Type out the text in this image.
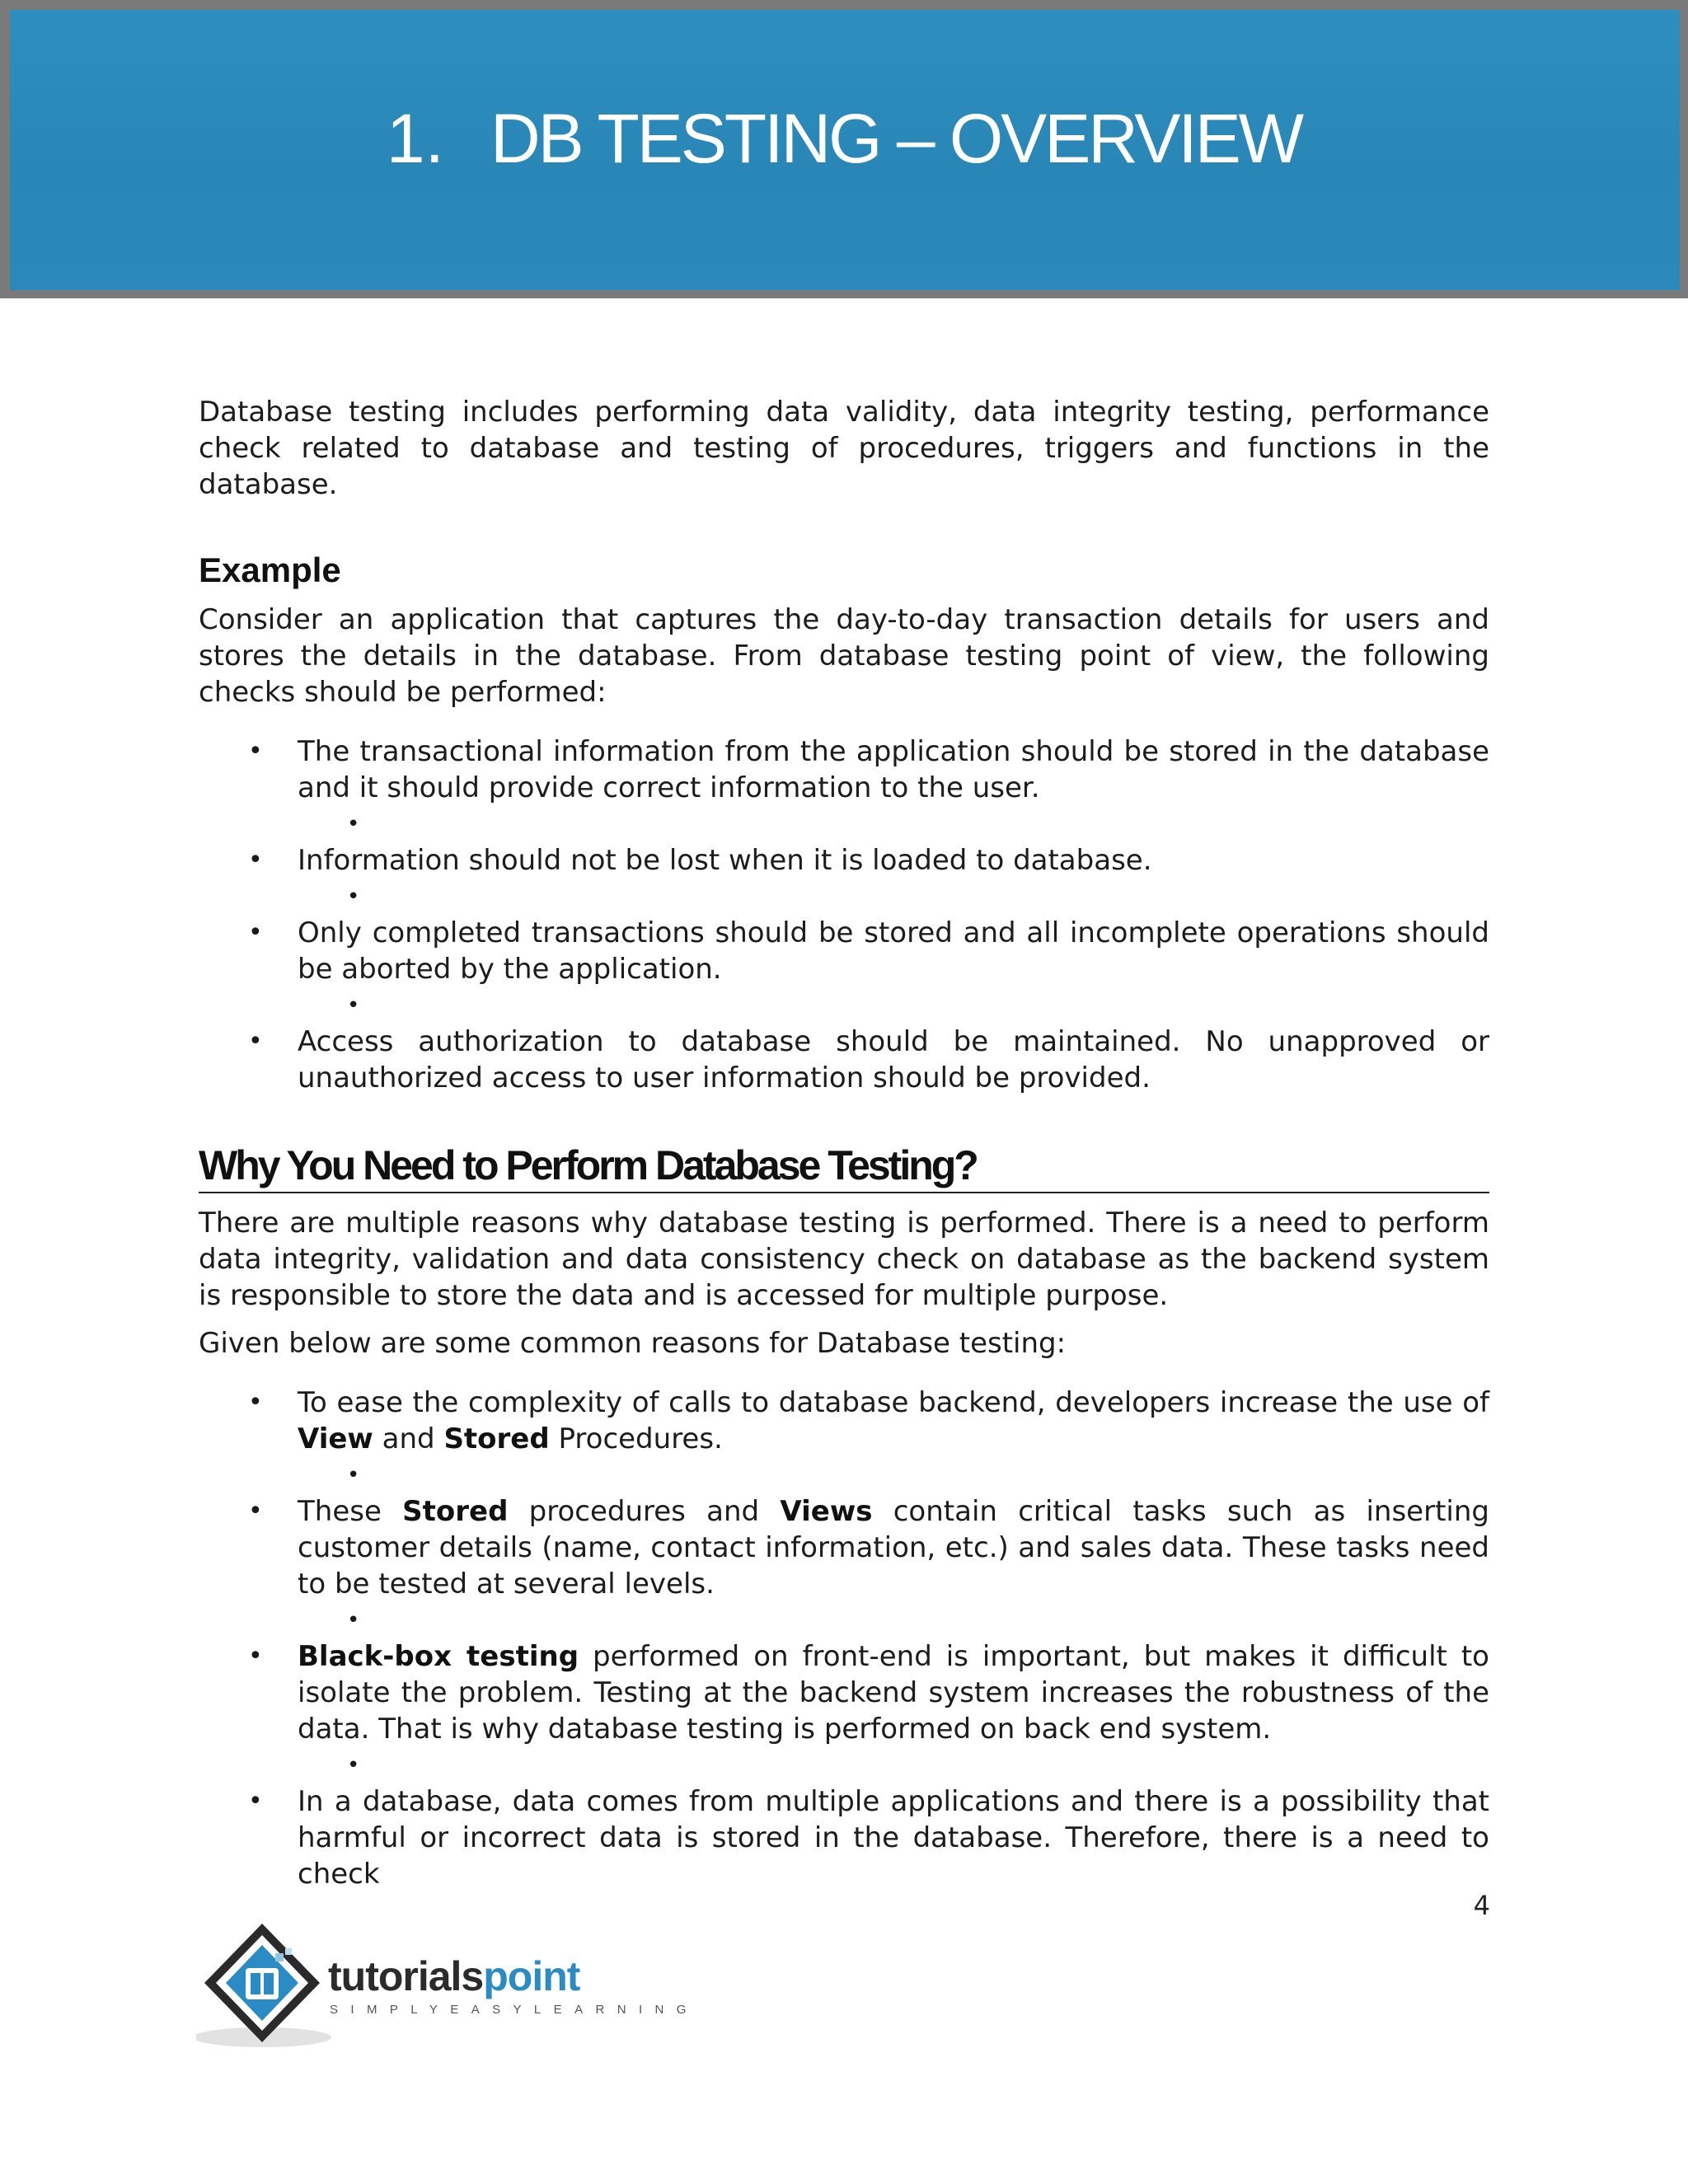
1. DB TESTING – OVERVIEW

Database testing includes performing data validity, data integrity testing, performance check related to database and testing of procedures, triggers and functions in the database.

Example

Consider an application that captures the day-to-day transaction details for users and stores the details in the database. From database testing point of view, the following checks should be performed:

• The transactional information from the application should be stored in the database and it should provide correct information to the user.
•
• Information should not be lost when it is loaded to database.
•
• Only completed transactions should be stored and all incomplete operations should be aborted by the application.
•
• Access authorization to database should be maintained. No unapproved or unauthorized access to user information should be provided.
Why You Need to Perform Database Testing?

There are multiple reasons why database testing is performed. There is a need to perform data integrity, validation and data consistency check on database as the backend system is responsible to store the data and is accessed for multiple purpose.

Given below are some common reasons for Database testing:

• To ease the complexity of calls to database backend, developers increase the use of View and Stored Procedures.
•
• These Stored procedures and Views contain critical tasks such as inserting customer details (name, contact information, etc.) and sales data. These tasks need to be tested at several levels.
•
• Black-box testing performed on front-end is important, but makes it difficult to isolate the problem. Testing at the backend system increases the robustness of the data. That is why database testing is performed on back end system.
•
• In a database, data comes from multiple applications and there is a possibility that harmful or incorrect data is stored in the database. Therefore, there is a need to check
4
tutorialspoint
SIMPLYEASYLEARNING
